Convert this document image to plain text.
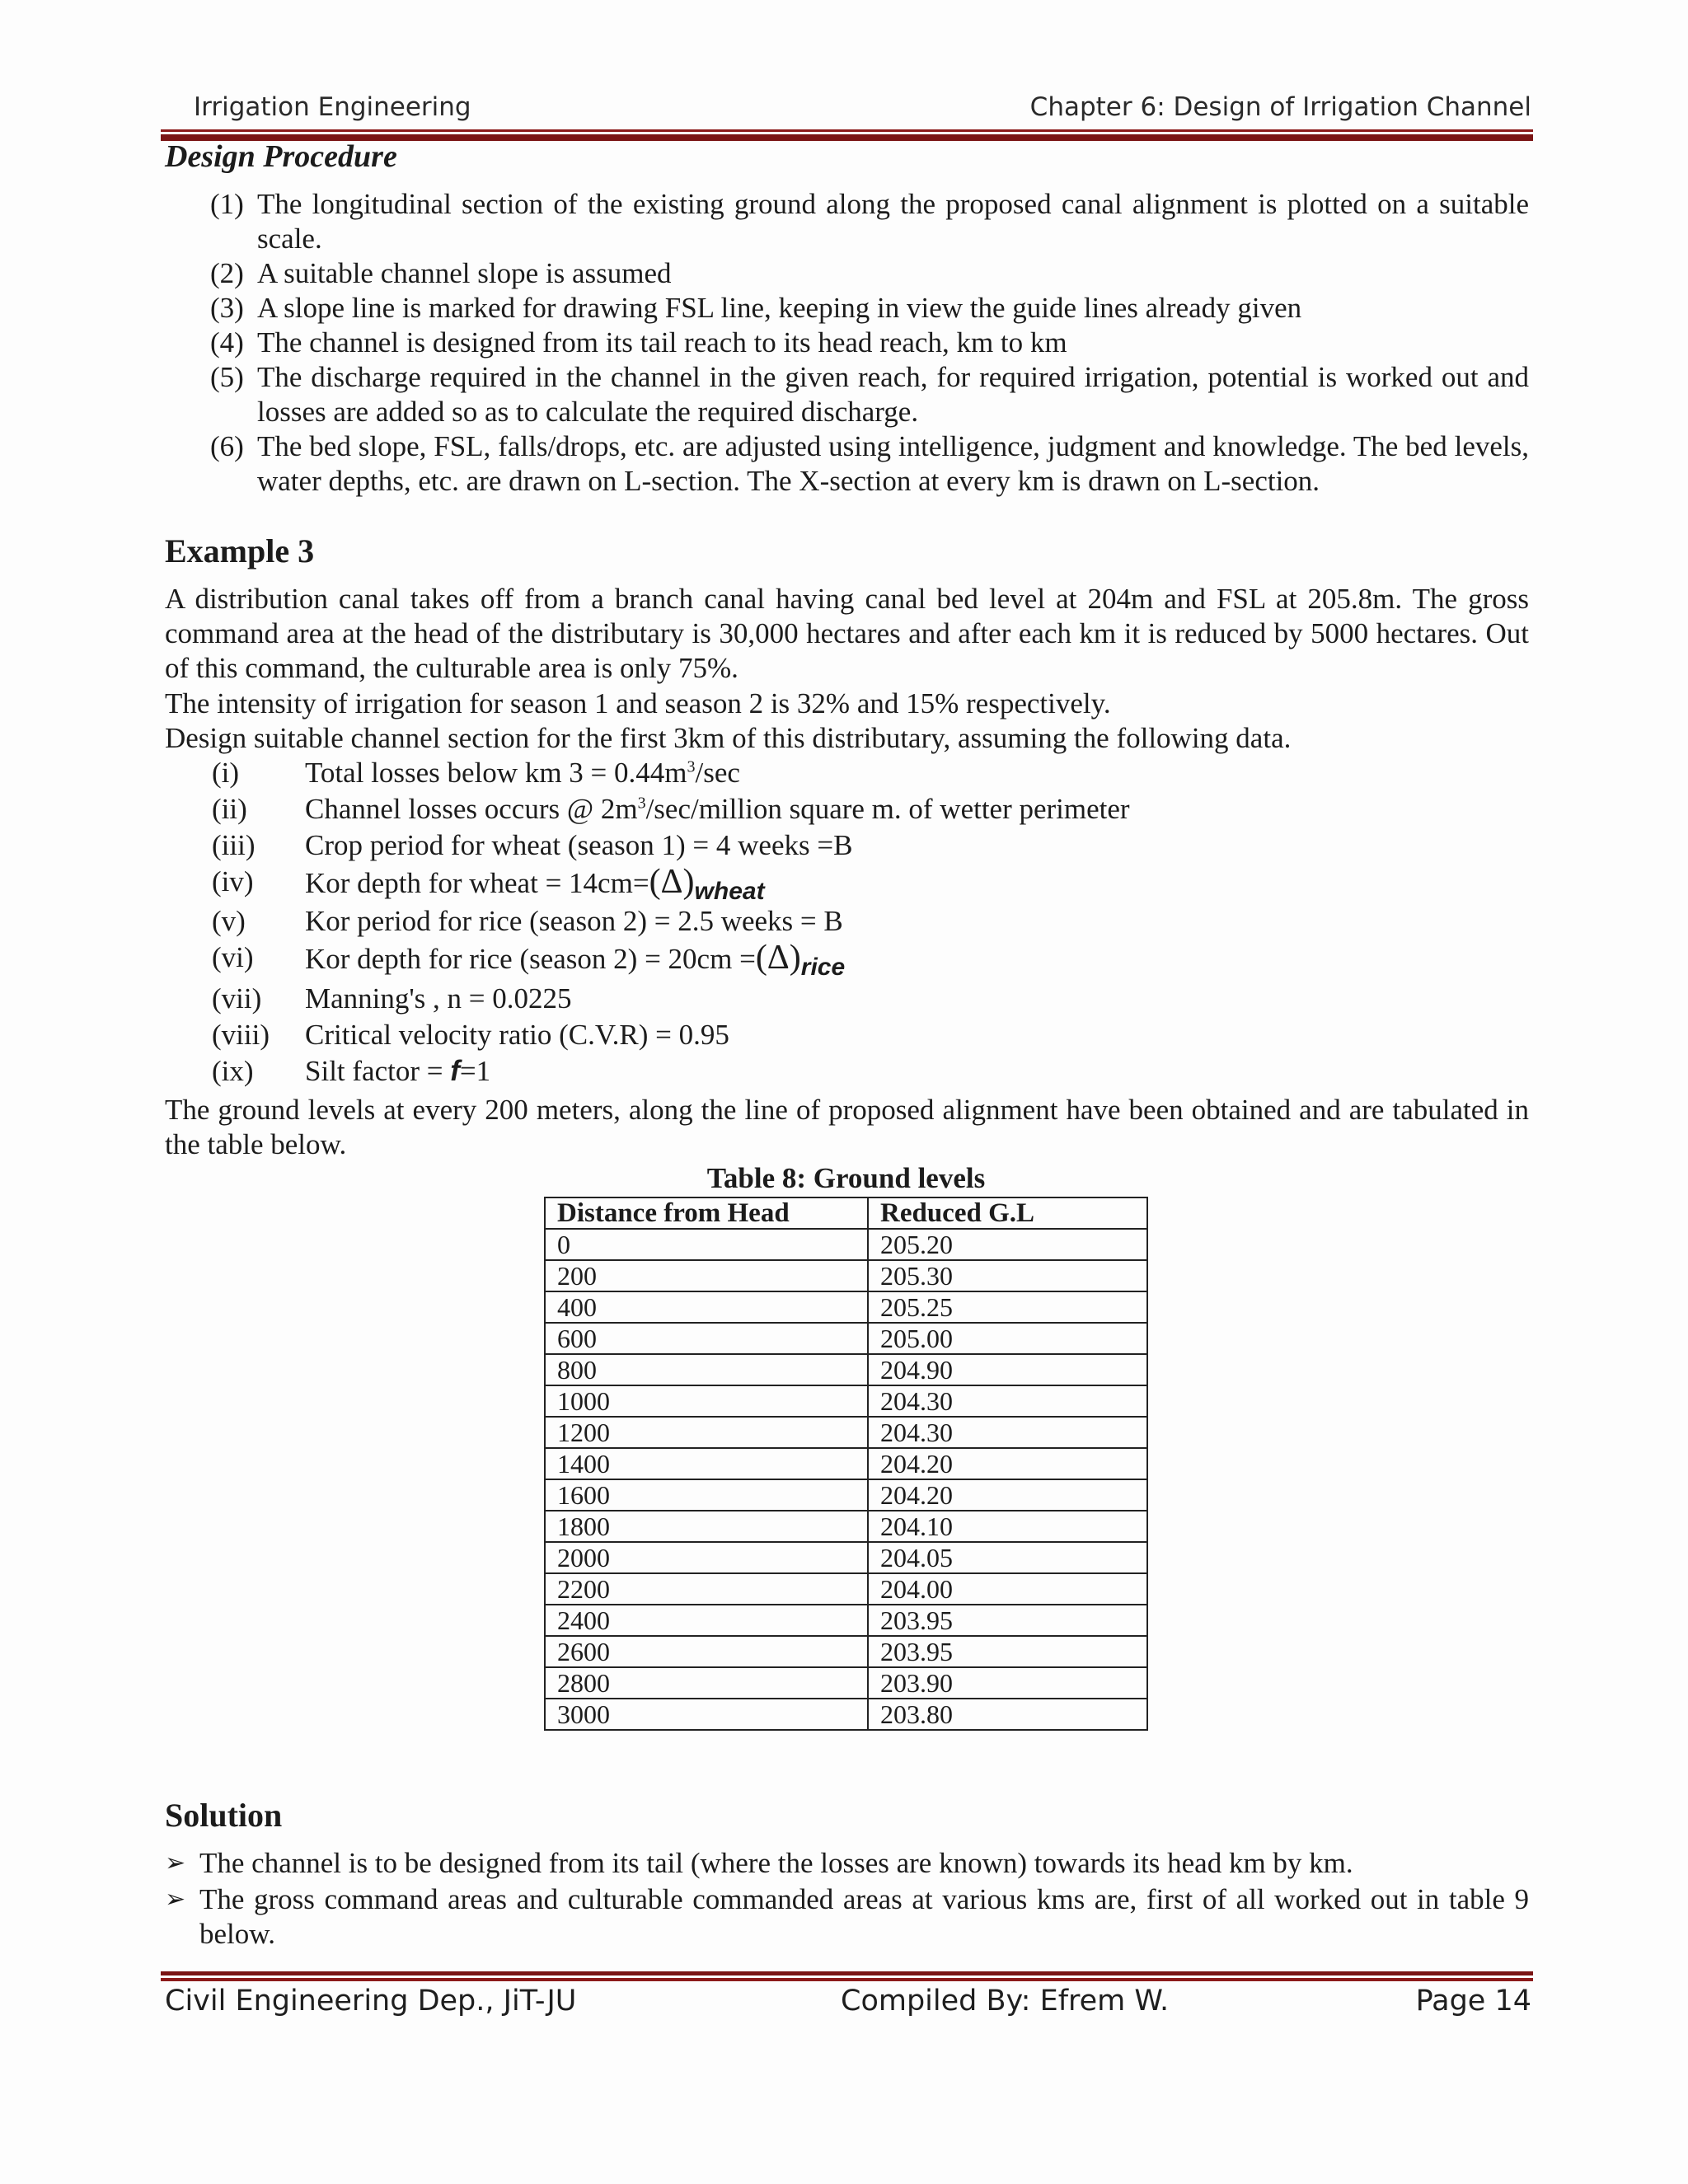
Irrigation Engineering	Chapter 6: Design of Irrigation Channel
Design Procedure
(1) The longitudinal section of the existing ground along the proposed canal alignment is plotted on a suitable scale.
(2) A suitable channel slope is assumed
(3) A slope line is marked for drawing FSL line, keeping in view the guide lines already given
(4) The channel is designed from its tail reach to its head reach, km to km
(5) The discharge required in the channel in the given reach, for required irrigation, potential is worked out and losses are added so as to calculate the required discharge.
(6) The bed slope, FSL, falls/drops, etc. are adjusted using intelligence, judgment and knowledge. The bed levels, water depths, etc. are drawn on L-section. The X-section at every km is drawn on L-section.
Example 3
A distribution canal takes off from a branch canal having canal bed level at 204m and FSL at 205.8m. The gross command area at the head of the distributary is 30,000 hectares and after each km it is reduced by 5000 hectares. Out of this command, the culturable area is only 75%.
The intensity of irrigation for season 1 and season 2 is 32% and 15% respectively.
Design suitable channel section for the first 3km of this distributary, assuming the following data.
(i) Total losses below km $3 = 0.44m^3/\sec$
(ii) Channel losses occurs @ $2m^3/\sec$/million square m. of wetter perimeter
(iii) Crop period for wheat (season 1) = 4 weeks =B
(iv) Kor depth for wheat = 14cm=(Δ)wheat
(v) Kor period for rice (season 2) = 2.5 weeks = B
(vi) Kor depth for rice (season 2) = 20cm =(Δ)rice
(vii) Manning's , n = 0.0225
(viii) Critical velocity ratio (C.V.R) = 0.95
(ix) Silt factor = f=1
The ground levels at every 200 meters, along the line of proposed alignment have been obtained and are tabulated in the table below.
Table 8: Ground levels
Distance from Head	Reduced G.L
0	205.20
200	205.30
400	205.25
600	205.00
800	204.90
1000	204.30
1200	204.30
1400	204.20
1600	204.20
1800	204.10
2000	204.05
2200	204.00
2400	203.95
2600	203.95
2800	203.90
3000	203.80
Solution
➢ The channel is to be designed from its tail (where the losses are known) towards its head km by km.
➢ The gross command areas and culturable commanded areas at various kms are, first of all worked out in table 9 below.
Civil Engineering Dep., JiT-JU	Compiled By: Efrem W.	Page 14
